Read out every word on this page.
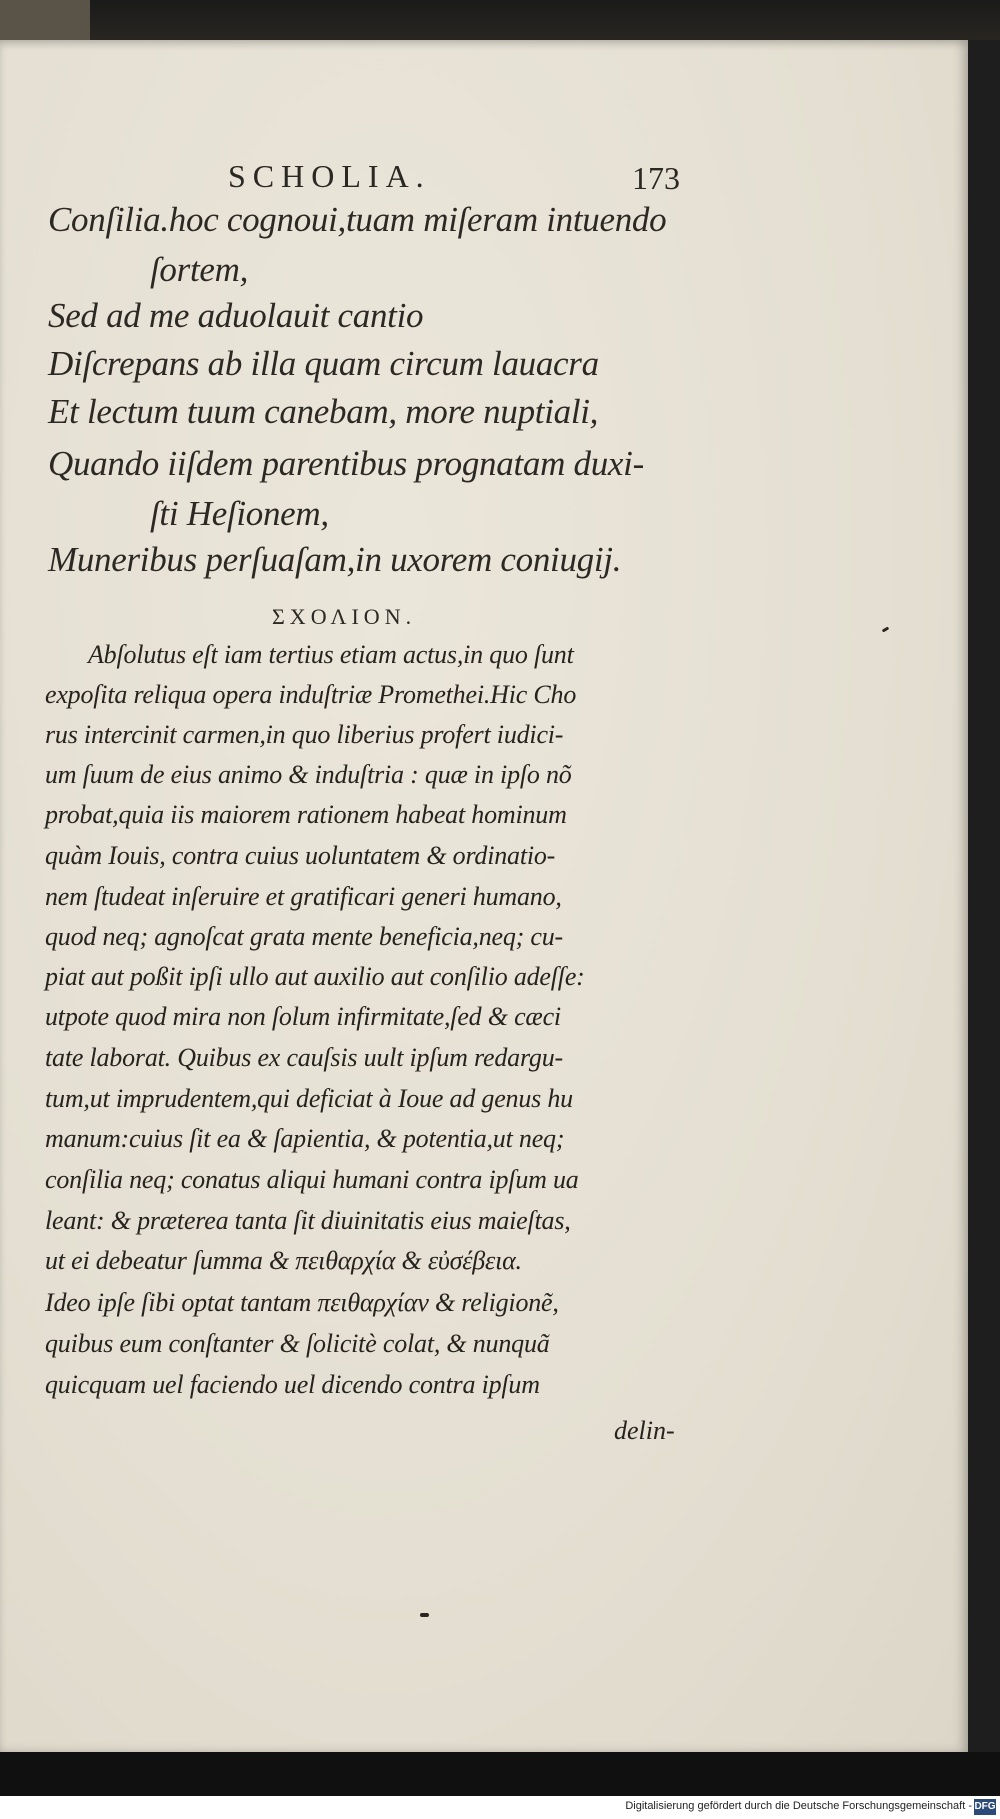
SCHOLIA.	173
Conſilia.hoc cognoui,tuam miſeram intuendo
ſortem,
Sed ad me aduolauit cantio
Diſcrepans ab illa quam circum lauacra
Et lectum tuum canebam, more nuptiali,
Quando iiſdem parentibus prognatam duxi-
ſti Heſionem,
Muneribus perſuaſam,in uxorem coniugij.
ΣΧΟΛΙΟΝ.
Abſolutus eſt iam tertius etiam actus,in quo ſunt
expoſita reliqua opera induſtriæ Promethei.Hic Cho
rus intercinit carmen,in quo liberius profert iudici-
um ſuum de eius animo & induſtria : quæ in ipſo nõ
probat,quia iis maiorem rationem habeat hominum
quàm Iouis, contra cuius uoluntatem & ordinatio-
nem ſtudeat inſeruire et gratificari generi humano,
quod neq; agnoſcat grata mente beneficia,neq; cu-
piat aut poßit ipſi ullo aut auxilio aut conſilio adeſſe:
utpote quod mira non ſolum infirmitate,ſed & cæci
tate laborat. Quibus ex cauſsis uult ipſum redargu-
tum,ut imprudentem,qui deficiat à Ioue ad genus hu
manum:cuius ſit ea & ſapientia, & potentia,ut neq;
conſilia neq; conatus aliqui humani contra ipſum ua
leant: & præterea tanta ſit diuinitatis eius maieſtas,
ut ei debeatur ſumma & πειθαρχία & εὐσέβεια.
Ideo ipſe ſibi optat tantam πειθαρχίαν & religionẽ,
quibus eum conſtanter & ſolicitè colat, & nunquã
quicquam uel faciendo uel dicendo contra ipſum
delin-
Digitalisierung gefördert durch die Deutsche Forschungsgemeinschaft - DFG
